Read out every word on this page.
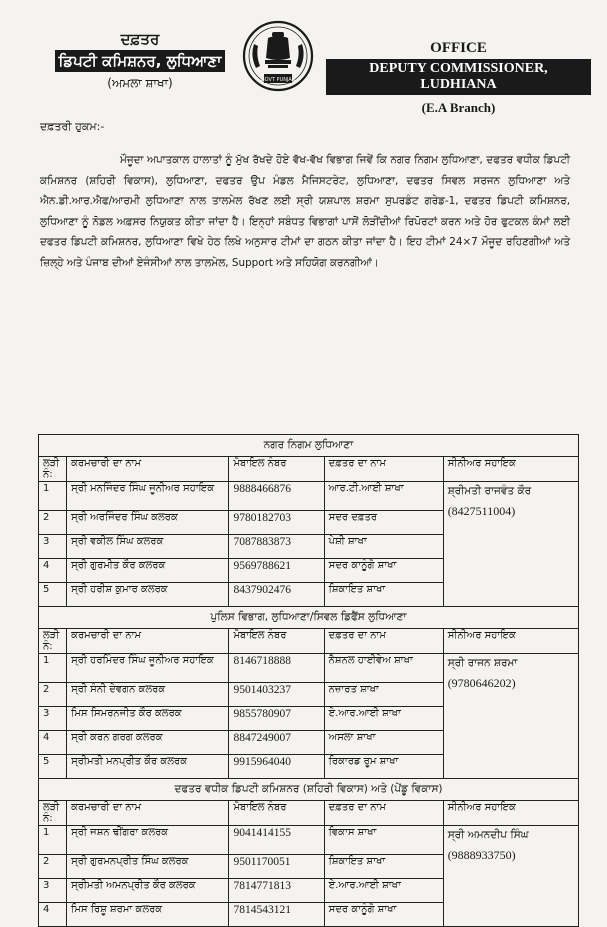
ਦਫ਼ਤਰ
ਡਿਪਟੀ ਕਮਿਸ਼ਨਰ, ਲੁਧਿਆਣਾ
(ਅਮਲਾ ਸ਼ਾਖਾ)	GOVT PUNJAB
OFFICE
DEPUTY COMMISSIONER, LUDHIANA
(E.A Branch)
ਦਫ਼ਤਰੀ ਹੁਕਮ:-
ਮੌਜੂਦਾ ਅਪਾਤਕਾਲ ਹਾਲਾਤਾਂ ਨੂੰ ਮੁੱਖ ਰੱਖਦੇ ਹੋਏ ਵੱਖ-ਵੱਖ ਵਿਭਾਗ ਜਿਵੇਂ ਕਿ ਨਗਰ ਨਿਗਮ ਲੁਧਿਆਣਾ, ਦਫਤਰ ਵਧੀਕ ਡਿਪਟੀ ਕਮਿਸ਼ਨਰ (ਸ਼ਹਿਰੀ ਵਿਕਾਸ), ਲੁਧਿਆਣਾ, ਦਫਤਰ ਉਪ ਮੰਡਲ ਮੈਜਿਸਟਰੇਟ, ਲੁਧਿਆਣਾ, ਦਫਤਰ ਸਿਵਲ ਸਰਜਨ ਲੁਧਿਆਣਾ ਅਤੇ ਐਨ.ਡੀ.ਆਰ.ਐਫ/ਆਰਮੀ ਲੁਧਿਆਣਾ ਨਾਲ ਤਾਲਮੇਲ ਰੱਖਣ ਲਈ ਸ੍ਰੀ ਯਸ਼ਪਾਲ ਸ਼ਰਮਾ ਸੁਪਰਡੰਟ ਗਰੇਡ-1, ਦਫਤਰ ਡਿਪਟੀ ਕਮਿਸ਼ਨਰ, ਲੁਧਿਆਣਾ ਨੂੰ ਨੋਡਲ ਅਫ਼ਸਰ ਨਿਯੁਕਤ ਕੀਤਾ ਜਾਂਦਾ ਹੈ। ਇਨ੍ਹਾਂ ਸਬੰਧਤ ਵਿਭਾਗਾਂ ਪਾਸੋਂ ਲੋੜੀਂਦੀਆਂ ਰਿਪੋਰਟਾਂ ਕਰਨ ਅਤੇ ਹੋਰ ਫੁਟਕਲ ਕੰਮਾਂ ਲਈ ਦਫਤਰ ਡਿਪਟੀ ਕਮਿਸ਼ਨਰ, ਲੁਧਿਆਣਾ ਵਿਖੇ ਹੇਠ ਲਿਖੇ ਅਨੁਸਾਰ ਟੀਮਾਂ ਦਾ ਗਠਨ ਕੀਤਾ ਜਾਂਦਾ ਹੈ। ਇਹ ਟੀਮਾਂ 24×7 ਮੌਜੂਦ ਰਹਿਣਗੀਆਂ ਅਤੇ ਜ਼ਿਲ੍ਹੇ ਅਤੇ ਪੰਜਾਬ ਦੀਆਂ ਏਜੰਸੀਆਂ ਨਾਲ ਤਾਲਮੇਲ, Support ਅਤੇ ਸਹਿਯੋਗ ਕਰਨਗੀਆਂ।
ਨਗਰ ਨਿਗਮ ਲੁਧਿਆਣਾ				
ਲੜੀ ਨੰ:	ਕਰਮਚਾਰੀ ਦਾ ਨਾਮ	ਮੋਬਾਇਲ ਨੰਬਰ	ਦਫ਼ਤਰ ਦਾ ਨਾਮ	ਸੀਨੀਅਰ ਸਹਾਇਕ
1	ਸ੍ਰੀ ਮਨਜਿੰਦਰ ਸਿੰਘ ਜੂਨੀਅਰ ਸਹਾਇਕ	9888466876	ਆਰ.ਟੀ.ਆਈ ਸ਼ਾਖਾ	ਸ਼੍ਰੀਮਤੀ ਰਾਜਵੰਤ ਕੌਰ
(8427511004)

2	ਸ੍ਰੀ ਅਰਜਿੰਦਰ ਸਿੰਘ ਕਲਰਕ	9780182703	ਸਦਰ ਦਫ਼ਤਰ	
3	ਸ੍ਰੀ ਵਕੀਲ ਸਿੰਘ ਕਲਰਕ	7087883873	ਪੇਸ਼ੀ ਸ਼ਾਖਾ	
4	ਸ੍ਰੀ ਗੁਰਮੀਤ ਕੌਰ ਕਲਰਕ	9569788621	ਸਦਰ ਕਾਨੂੰਗੋ ਸ਼ਾਖਾ	
5	ਸ੍ਰੀ ਹਰੀਸ਼ ਕੁਮਾਰ ਕਲਰਕ	8437902476	ਸ਼ਿਕਾਇਤ ਸ਼ਾਖਾ	
ਪੁਲਿਸ ਵਿਭਾਗ, ਲੁਧਿਆਣਾ/ਸਿਵਲ ਡਿਫੈਂਸ ਲੁਧਿਆਣਾ				
ਲੜੀ ਨੰ:	ਕਰਮਚਾਰੀ ਦਾ ਨਾਮ	ਮੋਬਾਇਲ ਨੰਬਰ	ਦਫ਼ਤਰ ਦਾ ਨਾਮ	ਸੀਨੀਅਰ ਸਹਾਇਕ
1	ਸ੍ਰੀ ਹਰਮਿੰਦਰ ਸਿੰਘ ਜੂਨੀਅਰ ਸਹਾਇਕ	8146718888	ਨੈਸ਼ਨਲ ਹਾਈਵੇਅ ਸ਼ਾਖਾ	ਸ੍ਰੀ ਰਾਜਨ ਸ਼ਰਮਾ
(9780646202)

2	ਸ੍ਰੀ ਸੰਨੀ ਦੇਵਗਨ ਕਲਰਕ	9501403237	ਨਜ਼ਾਰਤ ਸ਼ਾਖਾ	
3	ਮਿਸ ਸਿਮਰਨਜੀਤ ਕੌਰ ਕਲਰਕ	9855780907	ਏ.ਆਰ.ਆਈ ਸ਼ਾਖਾ	
4	ਸ੍ਰੀ ਕਰਨ ਗਰਗ ਕਲਰਕ	8847249007	ਅਸਲਾ ਸ਼ਾਖਾ	
5	ਸ੍ਰੀਮਤੀ ਮਨਪ੍ਰੀਤ ਕੌਰ ਕਲਰਕ	9915964040	ਰਿਕਾਰਡ ਰੂਮ ਸ਼ਾਖਾ	
ਦਫਤਰ ਵਧੀਕ ਡਿਪਟੀ ਕਮਿਸ਼ਨਰ (ਸ਼ਹਿਰੀ ਵਿਕਾਸ) ਅਤੇ (ਪੇਂਡੂ ਵਿਕਾਸ)				
ਲੜੀ ਨੰ:	ਕਰਮਚਾਰੀ ਦਾ ਨਾਮ	ਮੋਬਾਇਲ ਨੰਬਰ	ਦਫ਼ਤਰ ਦਾ ਨਾਮ	ਸੀਨੀਅਰ ਸਹਾਇਕ
1	ਸ੍ਰੀ ਜਸ਼ਨ ਢੀਂਗਰਾ ਕਲਰਕ	9041414155	ਵਿਕਾਸ ਸ਼ਾਖਾ	ਸ੍ਰੀ ਅਮਨਦੀਪ ਸਿੰਘ
(9888933750)

2	ਸ੍ਰੀ ਗੁਰਮਨਪ੍ਰੀਤ ਸਿੰਘ ਕਲਰਕ	9501170051	ਸ਼ਿਕਾਇਤ ਸ਼ਾਖਾ	
3	ਸ੍ਰੀਮਤੀ ਅਮਨਪ੍ਰੀਤ ਕੌਰ ਕਲਰਕ	7814771813	ਏ.ਆਰ.ਆਈ ਸ਼ਾਖਾ	
4	ਮਿਸ ਰਿਸ਼ੂ ਸ਼ਰਮਾ ਕਲਰਕ	7814543121	ਸਦਰ ਕਾਨੂੰਗੋ ਸ਼ਾਖਾ	
